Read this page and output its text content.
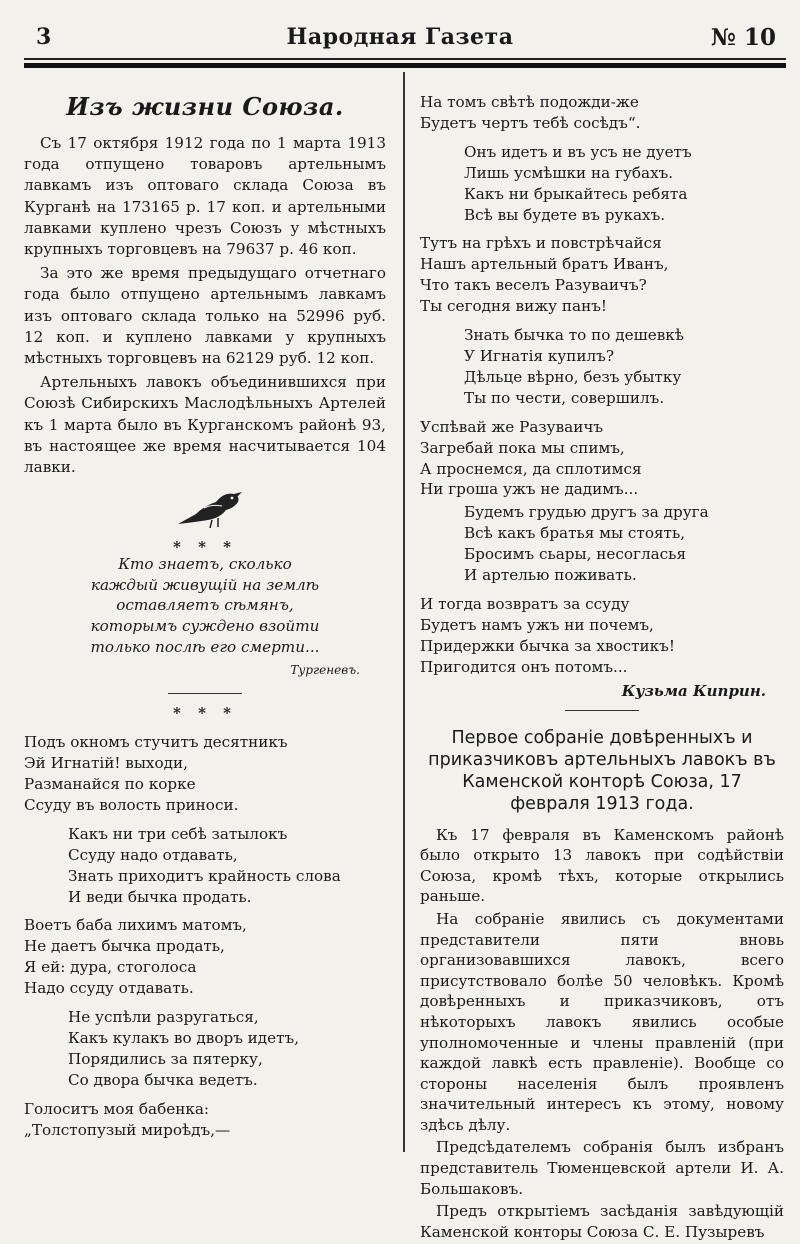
3	Народная Газета	№ 10
Изъ жизни Союза.

Съ 17 октября 1912 года по 1 марта 1913 года отпущено товаровъ артельнымъ лавкамъ изъ оптоваго склада Союза въ Курганѣ на 173165 р. 17 коп. и артельными лавками куплено чрезъ Союзъ у мѣстныхъ крупныхъ торговцевъ на 79637 р. 46 коп.

За это же время предыдущаго отчетнаго года было отпущено артельнымъ лавкамъ изъ оптоваго склада только на 52996 руб. 12 коп. и куплено лавками у крупныхъ мѣстныхъ торговцевъ на 62129 руб. 12 коп.

Артельныхъ лавокъ объединившихся при Союзѣ Сибирскихъ Маслодѣльныхъ Артелей къ 1 марта было въ Курганскомъ районѣ 93, въ настоящее же время насчитывается 104 лавки.

* * *
Кто знаетъ, сколько
каждый живущій на землѣ
оставляетъ сѣмянъ,
которымъ суждено взойти
только послѣ его смерти...
Тургеневъ.
* * *
Подъ окномъ стучитъ десятникъ
Эй Игнатій! выходи,
Разманайся по корке
Ссуду въ волость приноси.
Какъ ни три себѣ затылокъ
Ссуду надо отдавать,
Знать приходитъ крайность слова
И веди бычка продать.
Воетъ баба лихимъ матомъ,
Не даетъ бычка продать,
Я ей: дура, стоголоса
Надо ссуду отдавать.
Не успѣли разругаться,
Какъ кулакъ во дворъ идетъ,
Порядились за пятерку,
Со двора бычка ведетъ.
Голоситъ моя бабенка:
„Толстопузый мироѣдъ,—
На томъ свѣтѣ подожди-же
Будетъ чертъ тебѣ сосѣдъ“.
Онъ идетъ и въ усъ не дуетъ
Лишь усмѣшки на губахъ.
Какъ ни брыкайтесь ребята
Всѣ вы будете въ рукахъ.
Тутъ на грѣхъ и повстрѣчайся
Нашъ артельный братъ Иванъ,
Что такъ веселъ Разуваичъ?
Ты сегодня вижу панъ!
Знать бычка то по дешевкѣ
У Игнатія купилъ?
Дѣльце вѣрно, безъ убытку
Ты по чести, совершилъ.
Успѣвай же Разуваичъ
Загребай пока мы спимъ,
А проснемся, да сплотимся
Ни гроша ужъ не дадимъ...
Будемъ грудью другъ за друга
Всѣ какъ братья мы стоять,
Бросимъ сьары, несогласья
И артелью поживать.
И тогда возвратъ за ссуду
Будетъ намъ ужъ ни почемъ,
Придержки бычка за хвостикъ!
Пригодится онъ потомъ...
Кузьма Киприн.
Первое собраніе довѣренныхъ и приказчиковъ артельныхъ лавокъ въ Каменской конторѣ Союза, 17 февраля 1913 года.

Къ 17 февраля въ Каменскомъ районѣ было открыто 13 лавокъ при содѣйствіи Союза, кромѣ тѣхъ, которые открылись раньше.

На собраніе явились съ документами представители пяти вновь организовавшихся лавокъ, всего присутствовало болѣе 50 человѣкъ. Кромѣ довѣренныхъ и приказчиковъ, отъ нѣкоторыхъ лавокъ явились особые уполномоченные и члены правленій (при каждой лавкѣ есть правленіе). Вообще со стороны населенія былъ проявленъ значительный интересъ къ этому, новому здѣсь дѣлу.

Предсѣдателемъ собранія былъ избранъ представитель Тюменцевской артели И. А. Большаковъ.

Предъ открытіемъ засѣданія завѣдующій Каменской конторы Союза С. Е. Пузыревъ
